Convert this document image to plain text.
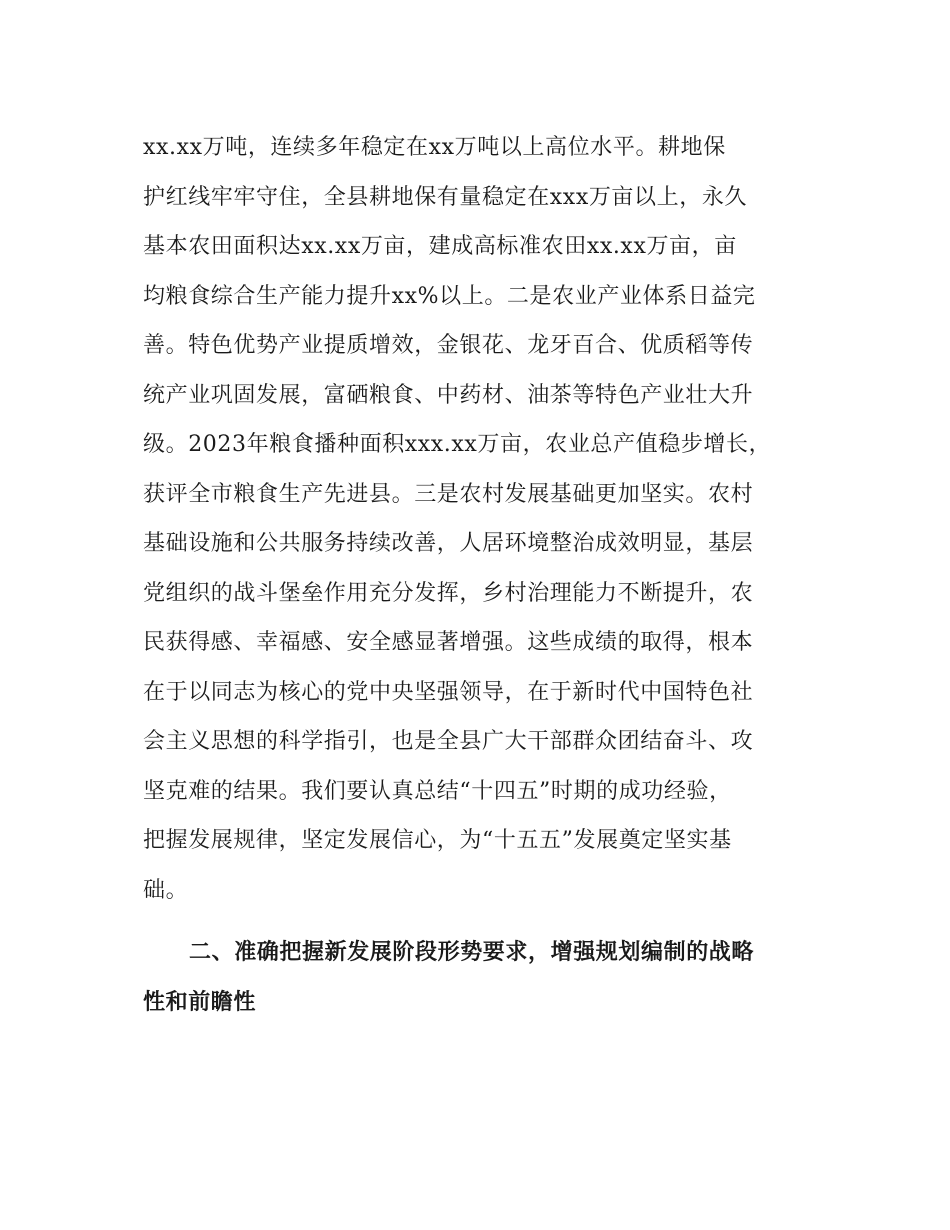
xx.xx万吨，连续多年稳定在xx万吨以上高位水平。耕地保
护红线牢牢守住，全县耕地保有量稳定在xxx万亩以上，永久
基本农田面积达xx.xx万亩，建成高标准农田xx.xx万亩，亩
均粮食综合生产能力提升xx%以上。二是农业产业体系日益完
善。特色优势产业提质增效，金银花、龙牙百合、优质稻等传
统产业巩固发展，富硒粮食、中药材、油茶等特色产业壮大升
级。2023年粮食播种面积xxx.xx万亩，农业总产值稳步增长，
获评全市粮食生产先进县。三是农村发展基础更加坚实。农村
基础设施和公共服务持续改善，人居环境整治成效明显，基层
党组织的战斗堡垒作用充分发挥，乡村治理能力不断提升，农
民获得感、幸福感、安全感显著增强。这些成绩的取得，根本
在于以同志为核心的党中央坚强领导，在于新时代中国特色社
会主义思想的科学指引，也是全县广大干部群众团结奋斗、攻
坚克难的结果。我们要认真总结“十四五”时期的成功经验，
把握发展规律，坚定发展信心，为“十五五”发展奠定坚实基
础。
二、准确把握新发展阶段形势要求，增强规划编制的战略
性和前瞻性
